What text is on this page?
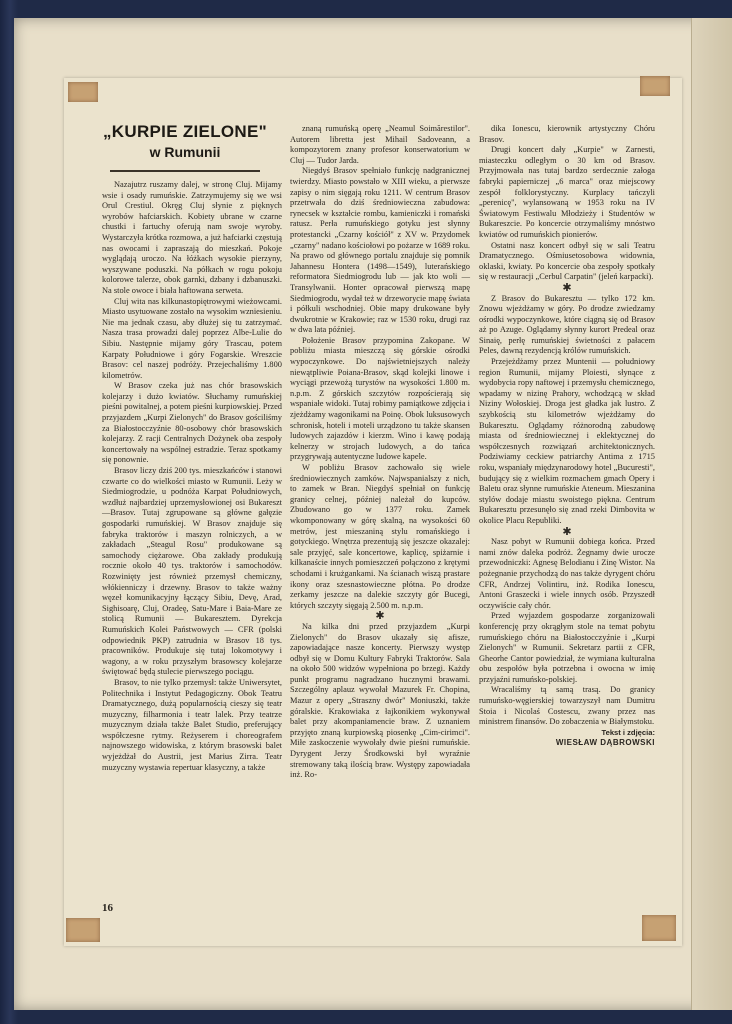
„KURPIE ZIELONE"
w Rumunii

Nazajutrz ruszamy dalej, w stronę Cluj. Mijamy wsie i osady rumuńskie. Zatrzymujemy się we wsi Orul Crestiul. Okręg Cluj słynie z pięknych wyrobów hafciarskich. Kobiety ubrane w czarne chustki i fartuchy oferują nam swoje wyroby. Wystarczyła krótka rozmowa, a już hafciarki częstują nas owocami i zapraszają do mieszkań. Pokoje wyglądają uroczo. Na łóżkach wysokie pierzyny, wyszywane poduszki. Na półkach w rogu pokoju kolorowe talerze, obok garnki, dzbany i dzbanuszki. Na stole owoce i biała haftowana serweta.

Cluj wita nas kilkunastopiętrowymi wieżowcami. Miasto usytuowane zostało na wysokim wzniesieniu. Nie ma jednak czasu, aby dłużej się tu zatrzymać. Nasza trasa prowadzi dalej poprzez Albe-Lulie do Sibiu. Następnie mijamy góry Trascau, potem Karpaty Południowe i góry Fogarskie. Wreszcie Brasov: cel naszej podróży. Przejechaliśmy 1.800 kilometrów.

W Brasov czeka już nas chór brasowskich kolejarzy i dużo kwiatów. Słuchamy rumuńskiej pieśni powitalnej, a potem pieśni kurpiowskiej. Przed przyjazdem „Kurpi Zielonych" do Brasov gościliśmy za Białostocczyźnie 80-osobowy chór brasowskich kolejarzy. Z racji Centralnych Dożynek oba zespoły koncertowały na wspólnej estradzie. Teraz spotkamy się ponownie.

Brasov liczy dziś 200 tys. mieszkańców i stanowi czwarte co do wielkości miasto w Rumunii. Leży w Siedmiogrodzie, u podnóża Karpat Południowych, wzdłuż najbardziej uprzemysłowionej osi Bukareszt—Brasov. Tutaj zgrupowane są główne gałęzie gospodarki rumuńskiej. W Brasov znajduje się fabryka traktorów i maszyn rolniczych, a w zakładach „Steagul Rosu" produkowane są samochody ciężarowe. Oba zakłady produkują rocznie około 40 tys. traktorów i samochodów. Rozwinięty jest również przemysł chemiczny, włókienniczy i drzewny. Brasov to także ważny węzeł komunikacyjny łączący Sibiu, Devę, Arad, Sighisoarę, Cluj, Oradeę, Satu-Mare i Baia-Mare ze stolicą Rumunii — Bukaresztem. Dyrekcja Rumuńskich Kolei Państwowych — CFR (polski odpowiednik PKP) zatrudnia w Brasov 18 tys. pracowników. Produkuje się tutaj lokomotywy i wagony, a w roku przyszłym brasowscy kolejarze świętować będą stulecie pierwszego pociągu.

Brasov, to nie tylko przemysł: także Uniwersytet, Politechnika i Instytut Pedagogiczny. Obok Teatru Dramatycznego, dużą popularnością cieszy się teatr muzyczny, filharmonia i teatr lalek. Przy teatrze muzycznym działa także Balet Studio, preferujący współczesne rytmy. Reżyserem i choreografem najnowszego widowiska, z którym brasowski balet wyjeżdżał do Austrii, jest Marius Zirra. Teatr muzyczny wystawia repertuar klasyczny, a także

znaną rumuńską operę „Neamul Soimărestilor". Autorem libretta jest Mihail Sadoveann, a kompozytorem znany profesor konserwatorium w Cluj — Tudor Jarda.

Niegdyś Brasov spełniało funkcję nadgranicznej twierdzy. Miasto powstało w XIII wieku, a pierwsze zapisy o nim sięgają roku 1211. W centrum Brasov przetrwała do dziś średniowieczna zabudowa: rynecsek w kształcie rombu, kamieniczki i romański ratusz. Perła rumuńskiego gotyku jest słynny protestancki „Czarny kościół" z XV w. Przydomek „czarny" nadano kościołowi po pożarze w 1689 roku. Na prawo od głównego portalu znajduje się pomnik Jahannesu Hontera (1498—1549), luterańskiego reformatora Siedmiogrodu lub — jak kto woli — Transylwanii. Honter opracował pierwszą mapę Siedmiogrodu, wydał też w drzeworycie mapę świata i półkuli wschodniej. Obie mapy drukowane były dwukrotnie w Krakowie; raz w 1530 roku, drugi raz w dwa lata później.

Położenie Brasov przypomina Zakopane. W pobliżu miasta mieszczą się górskie ośrodki wypoczynkowe. Do najświetniejszych należy niewątpliwie Poiana-Brasov, skąd kolejki linowe i wyciągi przewożą turystów na wysokości 1.800 m. n.p.m. Z górskich szczytów rozpościerają się wspaniałe widoki. Tutaj robimy pamiątkowe zdjęcia i zjeżdżamy wagonikami na Poinę. Obok luksusowych schronisk, hoteli i moteli urządzono tu także skansen ludowych zajazdów i kierzm. Wino i kawę podają kelnerzy w strojach ludowych, a do tańca przygrywają autentyczne ludowe kapele.

W pobliżu Brasov zachowało się wiele średniowiecznych zamków. Najwspanialszy z nich, to zamek w Bran. Niegdyś spełniał on funkcję granicy celnej, później należał do kupców. Zbudowano go w 1377 roku. Zamek wkomponowany w górę skalną, na wysokości 60 metrów, jest mieszaniną stylu romańskiego i gotyckiego. Wnętrza prezentują się jeszcze okazalej: sale przyjęć, sale koncertowe, kaplicę, spiżarnie i kilkanaście innych pomieszczeń połączono z krętymi schodami i krużgankami. Na ścianach wiszą prastare ikony oraz szesnastowieczne płótna. Po drodze zerkamy jeszcze na dalekie szczyty gór Bucegi, których szczyty sięgają 2.500 m. n.p.m.

✱

Na kilka dni przed przyjazdem „Kurpi Zielonych" do Brasov ukazały się afisze, zapowiadające nasze koncerty. Pierwszy występ odbył się w Domu Kultury Fabryki Traktorów. Sala na około 500 widzów wypełniona po brzegi. Każdy punkt programu nagradzano hucznymi brawami. Szczególny aplauz wywołał Mazurek Fr. Chopina, Mazur z opery „Straszny dwór" Moniuszki, także góralskie. Krakowiaka z łajkonikiem wykonywał balet przy akompaniamencie braw. Z uznaniem przyjęto znaną kurpiowską piosenkę „Cim-cirimci". Miłe zaskoczenie wywołały dwie pieśni rumuńskie. Dyrygent Jerzy Środkowski był wyraźnie stremowany taką ilością braw. Występy zapowiadała inż. Ro-

dika Ionescu, kierownik artystyczny Chóru Brasov.

Drugi koncert dały „Kurpie" w Zarnesti, miasteczku odległym o 30 km od Brasov. Przyjmowała nas tutaj bardzo serdecznie załoga fabryki papierniczej „6 marca" oraz miejscowy zespół folklorystyczny. Kurplacy tańczyli „perenicę", wylansowaną w 1953 roku na IV Światowym Festiwalu Młodzieży i Studentów w Bukareszcie. Po koncercie otrzymaliśmy mnóstwo kwiatów od rumuńskich pionierów.

Ostatni nasz koncert odbył się w sali Teatru Dramatycznego. Ośmiusetosobowa widownia, oklaski, kwiaty. Po koncercie oba zespoły spotkały się w restauracji „Cerbul Carpatin" (jeleń karpacki).

✱

Z Brasov do Bukaresztu — tylko 172 km. Znowu wjeżdżamy w góry. Po drodze zwiedzamy ośrodki wypoczynkowe, które ciągną się od Brasov aż po Azuge. Oglądamy słynny kurort Predeal oraz Sinaię, perłę rumuńskiej świetności z pałacem Peles, dawną rezydencją królów rumuńskich.

Przejeżdżamy przez Muntenii — południowy region Rumunii, mijamy Ploiesti, słynące z wydobycia ropy naftowej i przemysłu chemicznego, wpadamy w nizinę Prahory, wchodzącą w skład Niziny Wołoskiej. Droga jest gładka jak lustro. Z szybkością stu kilometrów wjeżdżamy do Bukaresztu. Oglądamy różnorodną zabudowę miasta od średniowiecznej i eklektycznej do współczesnych rozwiązań architektonicznych. Podziwiamy ceckiew patriarchy Antima z 1715 roku, wspaniały międzynarodowy hotel „Bucuresti", budujący się z wielkim rozmachem gmach Opery i Baletu oraz słynne rumuńskie Ateneum. Mieszanina stylów dodaje miastu swoistego piękna. Centrum Bukaresztu przesunęło się znad rzeki Dimbovita w okolice Placu Republiki.

✱

Nasz pobyt w Rumunii dobiega końca. Przed nami znów daleka podróż. Żegnamy dwie urocze przewodniczki: Agnesę Belodianu i Zinę Wistor. Na pożegnanie przychodzą do nas także dyrygent chóru CFR, Andrzej Volintiru, inż. Rodika Ionescu, Antoni Graszecki i wiele innych osób. Przyszedł oczywiście cały chór.

Przed wyjazdem gospodarze zorganizowali konferencję przy okrągłym stole na temat pobytu rumuńskiego chóru na Białostocczyźnie i „Kurpi Zielonych" w Rumunii. Sekretarz partii z CFR, Gheorhe Cantor powiedział, że wymiana kulturalna obu zespołów była potrzebna i owocna w imię przyjaźni rumuńsko-polskiej.

Wracaliśmy tą samą trasą. Do granicy rumuńsko-węgierskiej towarzyszył nam Dumitru Stoia i Nicolaś Costescu, zwany przez nas ministrem finansów. Do zobaczenia w Białymstoku.

Tekst i zdjęcia:

WIESŁAW DĄBROWSKI

16
